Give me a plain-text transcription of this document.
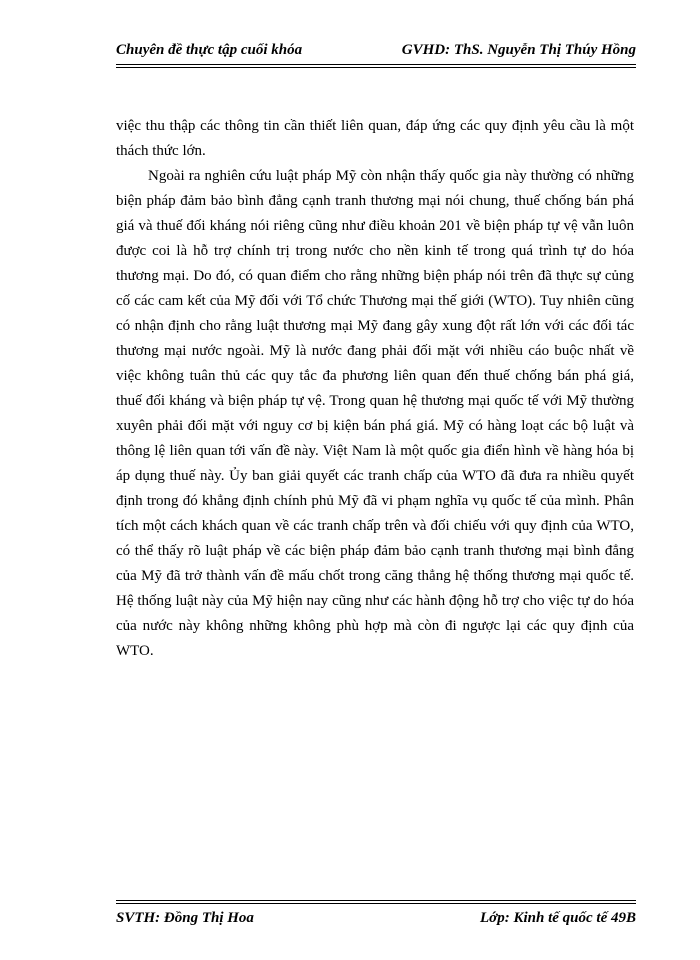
Chuyên đề thực tập cuối khóa	GVHD: ThS. Nguyễn Thị Thúy Hồng

việc thu thập các thông tin cần thiết liên quan, đáp ứng các quy định yêu cầu là một thách thức lớn.

Ngoài ra nghiên cứu luật pháp Mỹ còn nhận thấy quốc gia này thường có những biện pháp đảm bảo bình đẳng cạnh tranh thương mại nói chung, thuế chống bán phá giá và thuế đối kháng nói riêng cũng như điều khoản 201 về biện pháp tự vệ vẫn luôn được coi là hỗ trợ chính trị trong nước cho nền kinh tế trong quá trình tự do hóa thương mại. Do đó, có quan điểm cho rằng những biện pháp nói trên đã thực sự củng cố các cam kết của Mỹ đối với Tổ chức Thương mại thế giới (WTO). Tuy nhiên cũng có nhận định cho rằng luật thương mại Mỹ đang gây xung đột rất lớn với các đối tác thương mại nước ngoài. Mỹ là nước đang phải đối mặt với nhiều cáo buộc nhất về việc không tuân thủ các quy tắc đa phương liên quan đến thuế chống bán phá giá, thuế đối kháng và biện pháp tự vệ. Trong quan hệ thương mại quốc tế với Mỹ thường xuyên phải đối mặt với nguy cơ bị kiện bán phá giá. Mỹ có hàng loạt các bộ luật và thông lệ liên quan tới vấn đề này. Việt Nam là một quốc gia điển hình về hàng hóa bị áp dụng thuế này. Ủy ban giải quyết các tranh chấp của WTO đã đưa ra nhiều quyết định trong đó khẳng định chính phủ Mỹ đã vi phạm nghĩa vụ quốc tế của mình. Phân tích một cách khách quan về các tranh chấp trên và đối chiếu với quy định của WTO, có thể thấy rõ luật pháp về các biện pháp đảm bảo cạnh tranh thương mại bình đẳng của Mỹ đã trở thành vấn đề mấu chốt trong căng thẳng hệ thống thương mại quốc tế. Hệ thống luật này của Mỹ hiện nay cũng như các hành động hỗ trợ cho việc tự do hóa của nước này không những không phù hợp mà còn đi ngược lại các quy định của WTO.

SVTH: Đồng Thị Hoa	Lớp: Kinh tế quốc tế 49B
